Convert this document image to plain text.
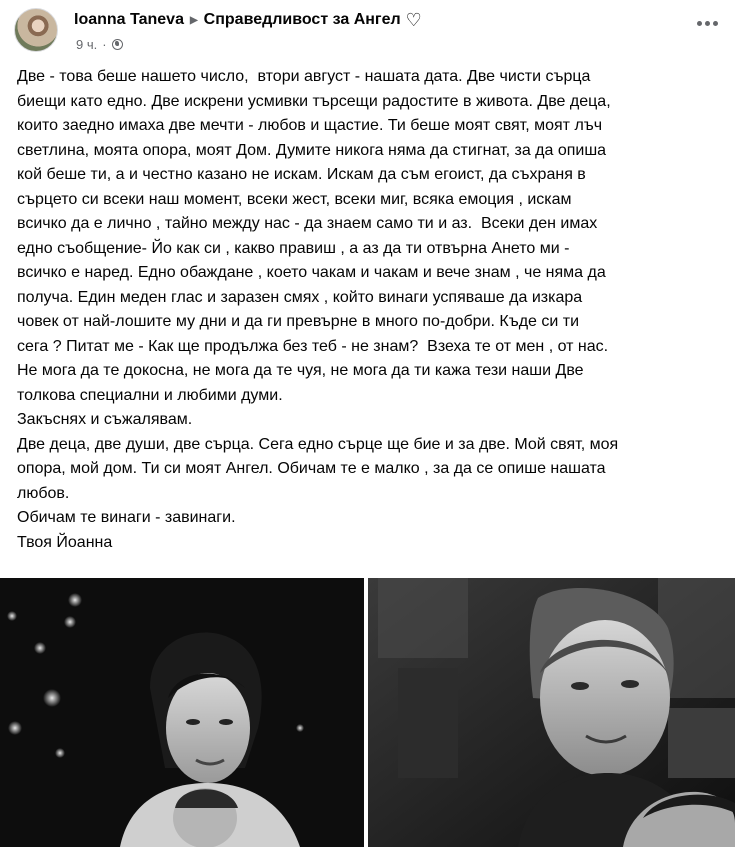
Ioanna Taneva ▶ Справедливост за Ангел ♡
9 ч. ·
Две - това беше нашето число,  втори август - нашата дата. Две чисти сърца
биещи като едно. Две искрени усмивки търсещи радостите в живота. Две деца,
които заедно имаха две мечти - любов и щастие. Ти беше моят свят, моят лъч
светлина, моята опора, моят Дом. Думите никога няма да стигнат, за да опиша
кой беше ти, а и честно казано не искам. Искам да съм егоист, да съхраня в
сърцето си всеки наш момент, всеки жест, всеки миг, всяка емоция , искам
всичко да е лично , тайно между нас - да знаем само ти и аз.  Всеки ден имах
едно съобщение- Йо как си , какво правиш , а аз да ти отвърна Ането ми -
всичко е наред. Едно обаждане , което чакам и чакам и вече знам , че няма да
получа. Един меден глас и заразен смях , който винаги успяваше да изкара
човек от най-лошите му дни и да ги превърне в много по-добри. Къде си ти
сега ? Питат ме - Как ще продължа без теб - не знам?  Взеха те от мен , от нас.
Не мога да те докосна, не мога да те чуя, не мога да ти кажа тези наши Две
толкова специални и любими думи.
Закъснях и съжалявам.
Две деца, две души, две сърца. Сега едно сърце ще бие и за две. Мой свят, моя
опора, мой дом. Ти си моят Ангел. Обичам те е малко , за да се опише нашата
любов.
Обичам те винаги - завинаги.
Твоя Йоанна
